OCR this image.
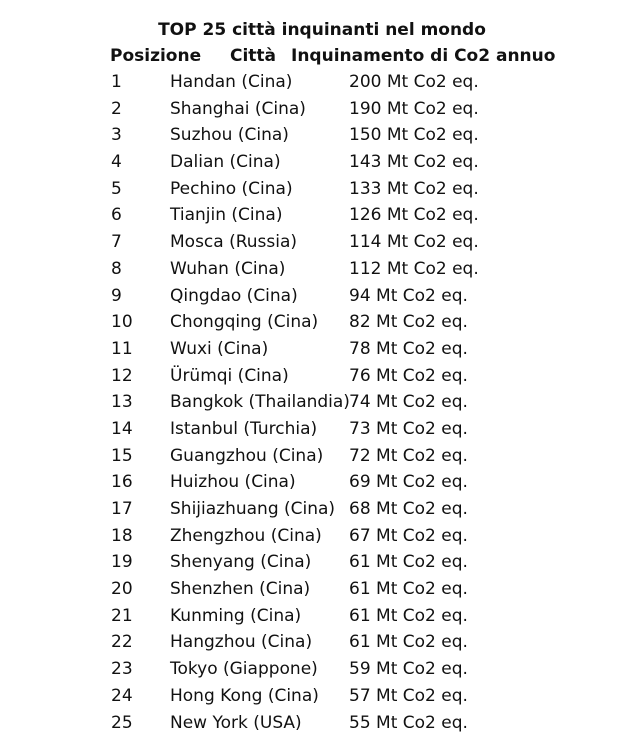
TOP 25 città inquinanti nel mondo
Posizione Città Inquinamento di Co2 annuo
1	Handan (Cina)	200 Mt Co2 eq.
2	Shanghai (Cina)	190 Mt Co2 eq.
3	Suzhou (Cina)	150 Mt Co2 eq.
4	Dalian (Cina)	143 Mt Co2 eq.
5	Pechino (Cina)	133 Mt Co2 eq.
6	Tianjin (Cina)	126 Mt Co2 eq.
7	Mosca (Russia)	114 Mt Co2 eq.
8	Wuhan (Cina)	112 Mt Co2 eq.
9	Qingdao (Cina)	94 Mt Co2 eq.
10 Chongqing (Cina) 82 Mt Co2 eq.
11 Wuxi (Cina)	78 Mt Co2 eq.
12 Ürümqi (Cina)	76 Mt Co2 eq.
13 Bangkok (Thailandia) 74 Mt Co2 eq.
14 Istanbul (Turchia) 73 Mt Co2 eq.
15 Guangzhou (Cina) 72 Mt Co2 eq.
16 Huizhou (Cina)	69 Mt Co2 eq.
17 Shijiazhuang (Cina) 68 Mt Co2 eq.
18 Zhengzhou (Cina) 67 Mt Co2 eq.
19 Shenyang (Cina) 61 Mt Co2 eq.
20 Shenzhen (Cina) 61 Mt Co2 eq.
21 Kunming (Cina)	61 Mt Co2 eq.
22 Hangzhou (Cina) 61 Mt Co2 eq.
23 Tokyo (Giappone) 59 Mt Co2 eq.
24 Hong Kong (Cina) 57 Mt Co2 eq.
25 New York (USA)	55 Mt Co2 eq.
